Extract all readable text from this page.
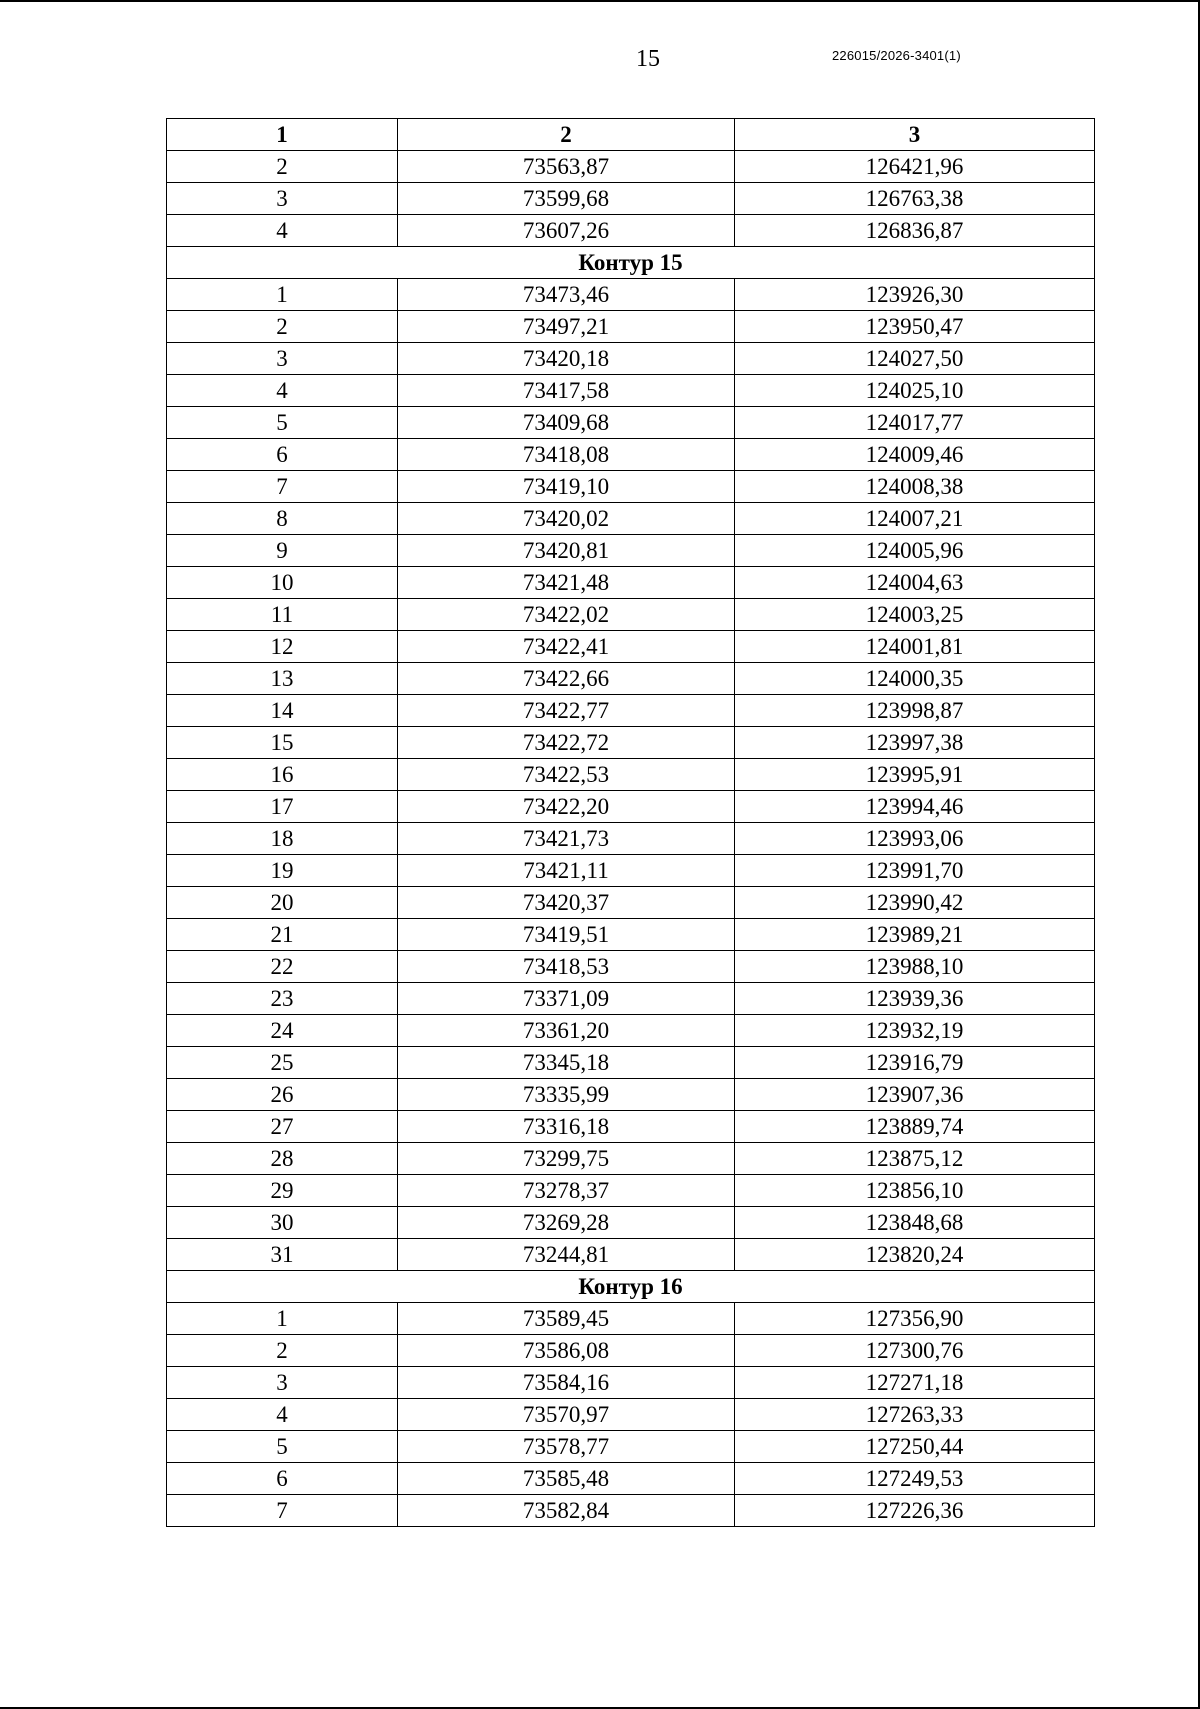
15	226015/2026-3401(1)
1	2	3
2	73563,87	126421,96
3	73599,68	126763,38
4	73607,26	126836,87
Контур 15		
1	73473,46	123926,30
2	73497,21	123950,47
3	73420,18	124027,50
4	73417,58	124025,10
5	73409,68	124017,77
6	73418,08	124009,46
7	73419,10	124008,38
8	73420,02	124007,21
9	73420,81	124005,96
10	73421,48	124004,63
11	73422,02	124003,25
12	73422,41	124001,81
13	73422,66	124000,35
14	73422,77	123998,87
15	73422,72	123997,38
16	73422,53	123995,91
17	73422,20	123994,46
18	73421,73	123993,06
19	73421,11	123991,70
20	73420,37	123990,42
21	73419,51	123989,21
22	73418,53	123988,10
23	73371,09	123939,36
24	73361,20	123932,19
25	73345,18	123916,79
26	73335,99	123907,36
27	73316,18	123889,74
28	73299,75	123875,12
29	73278,37	123856,10
30	73269,28	123848,68
31	73244,81	123820,24
Контур 16		
1	73589,45	127356,90
2	73586,08	127300,76
3	73584,16	127271,18
4	73570,97	127263,33
5	73578,77	127250,44
6	73585,48	127249,53
7	73582,84	127226,36
